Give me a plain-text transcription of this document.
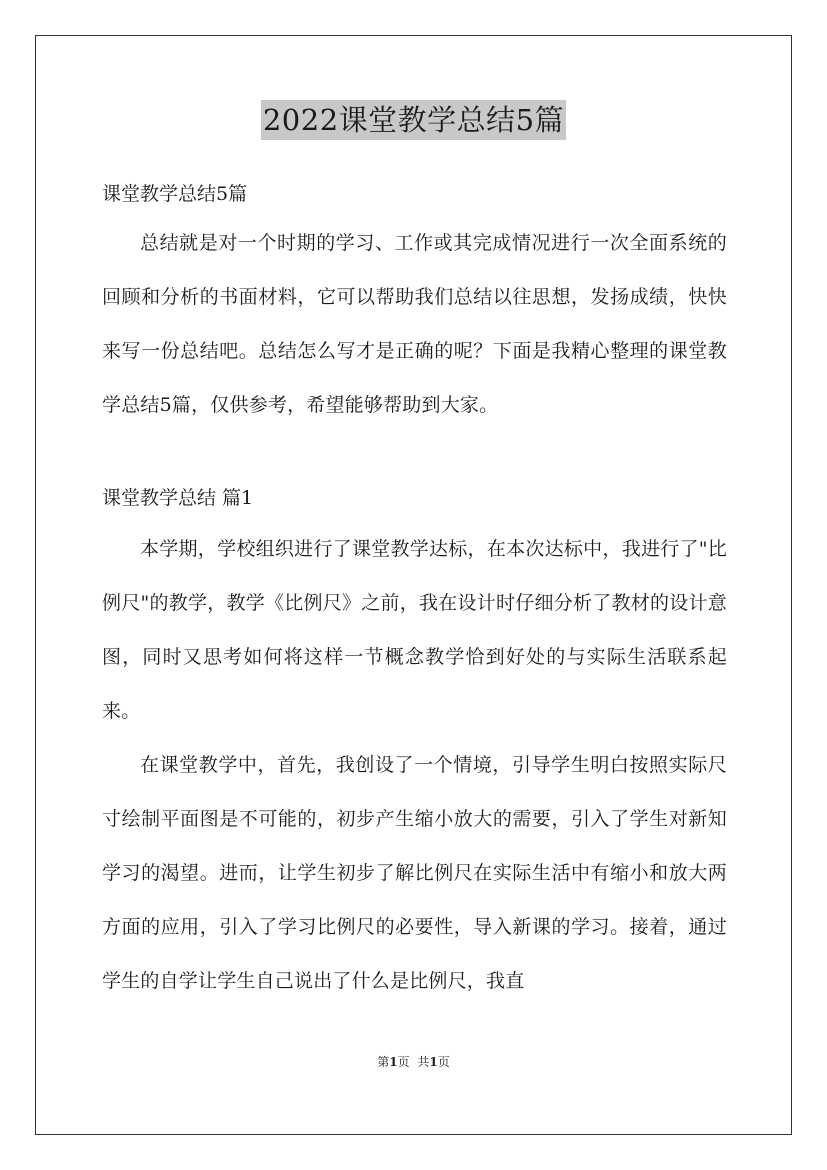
2022课堂教学总结5篇

课堂教学总结5篇

总结就是对一个时期的学习、工作或其完成情况进行一次全面系统的回顾和分析的书面材料，它可以帮助我们总结以往思想，发扬成绩，快快来写一份总结吧。总结怎么写才是正确的呢？下面是我精心整理的课堂教学总结5篇，仅供参考，希望能够帮助到大家。

课堂教学总结 篇1

本学期，学校组织进行了课堂教学达标，在本次达标中，我进行了"比例尺"的教学，教学《比例尺》之前，我在设计时仔细分析了教材的设计意图，同时又思考如何将这样一节概念教学恰到好处的与实际生活联系起来。

在课堂教学中，首先，我创设了一个情境，引导学生明白按照实际尺寸绘制平面图是不可能的，初步产生缩小放大的需要，引入了学生对新知学习的渴望。进而，让学生初步了解比例尺在实际生活中有缩小和放大两方面的应用，引入了学习比例尺的必要性，导入新课的学习。接着，通过学生的自学让学生自己说出了什么是比例尺，我直

第1页 共1页
